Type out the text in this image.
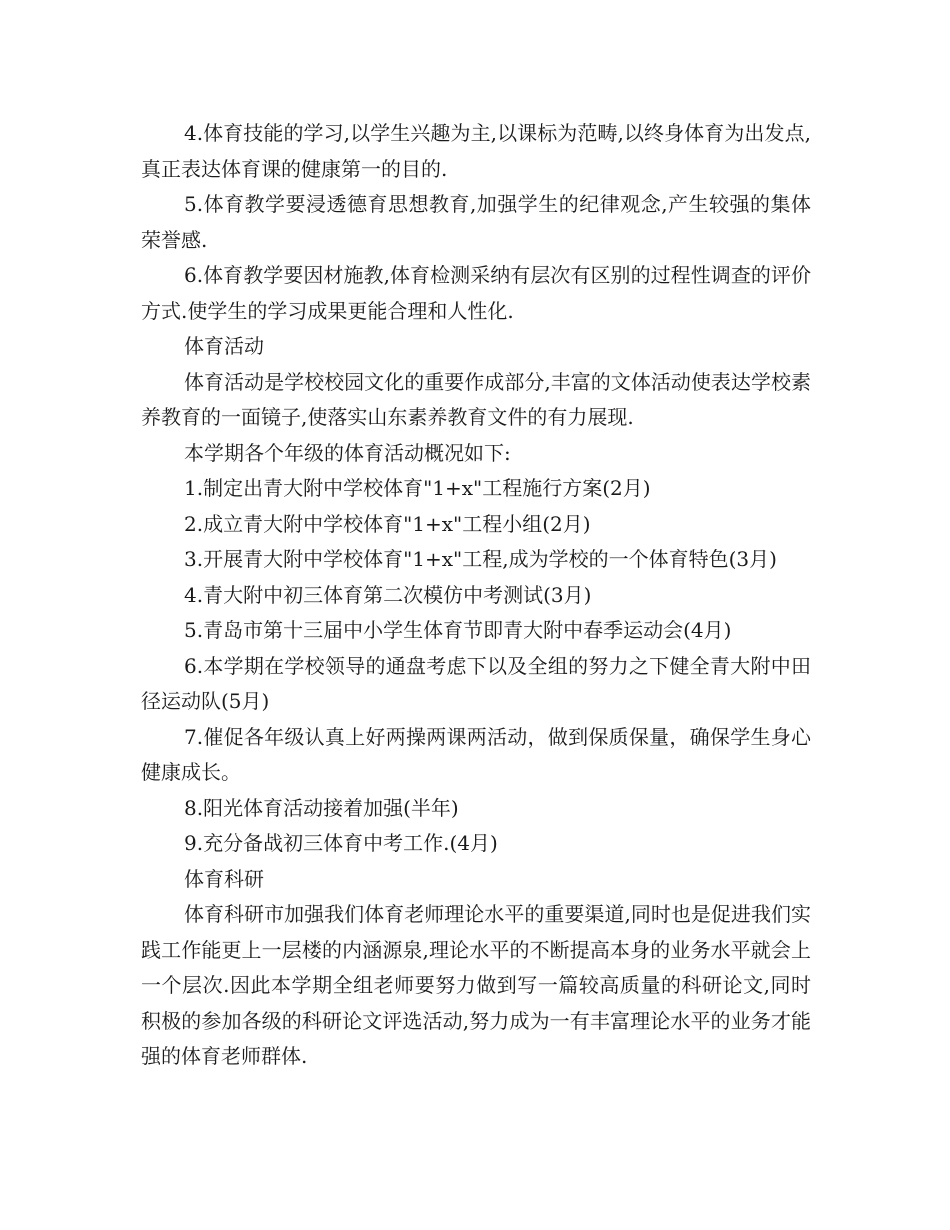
4.体育技能的学习,以学生兴趣为主,以课标为范畴,以终身体育为出发点,真正表达体育课的健康第一的目的.

5.体育教学要浸透德育思想教育,加强学生的纪律观念,产生较强的集体荣誉感.

6.体育教学要因材施教,体育检测采纳有层次有区别的过程性调查的评价方式.使学生的学习成果更能合理和人性化.

体育活动

体育活动是学校校园文化的重要作成部分,丰富的文体活动使表达学校素养教育的一面镜子,使落实山东素养教育文件的有力展现.

本学期各个年级的体育活动概况如下:

1.制定出青大附中学校体育"1+x"工程施行方案(2月)

2.成立青大附中学校体育"1+x"工程小组(2月)

3.开展青大附中学校体育"1+x"工程,成为学校的一个体育特色(3月)

4.青大附中初三体育第二次模仿中考测试(3月)

5.青岛市第十三届中小学生体育节即青大附中春季运动会(4月)

6.本学期在学校领导的通盘考虑下以及全组的努力之下健全青大附中田径运动队(5月)

7.催促各年级认真上好两操两课两活动，做到保质保量，确保学生身心健康成长。

8.阳光体育活动接着加强(半年)

9.充分备战初三体育中考工作.(4月)

体育科研

体育科研市加强我们体育老师理论水平的重要渠道,同时也是促进我们实践工作能更上一层楼的内涵源泉,理论水平的不断提高本身的业务水平就会上一个层次.因此本学期全组老师要努力做到写一篇较高质量的科研论文,同时积极的参加各级的科研论文评选活动,努力成为一有丰富理论水平的业务才能强的体育老师群体.
